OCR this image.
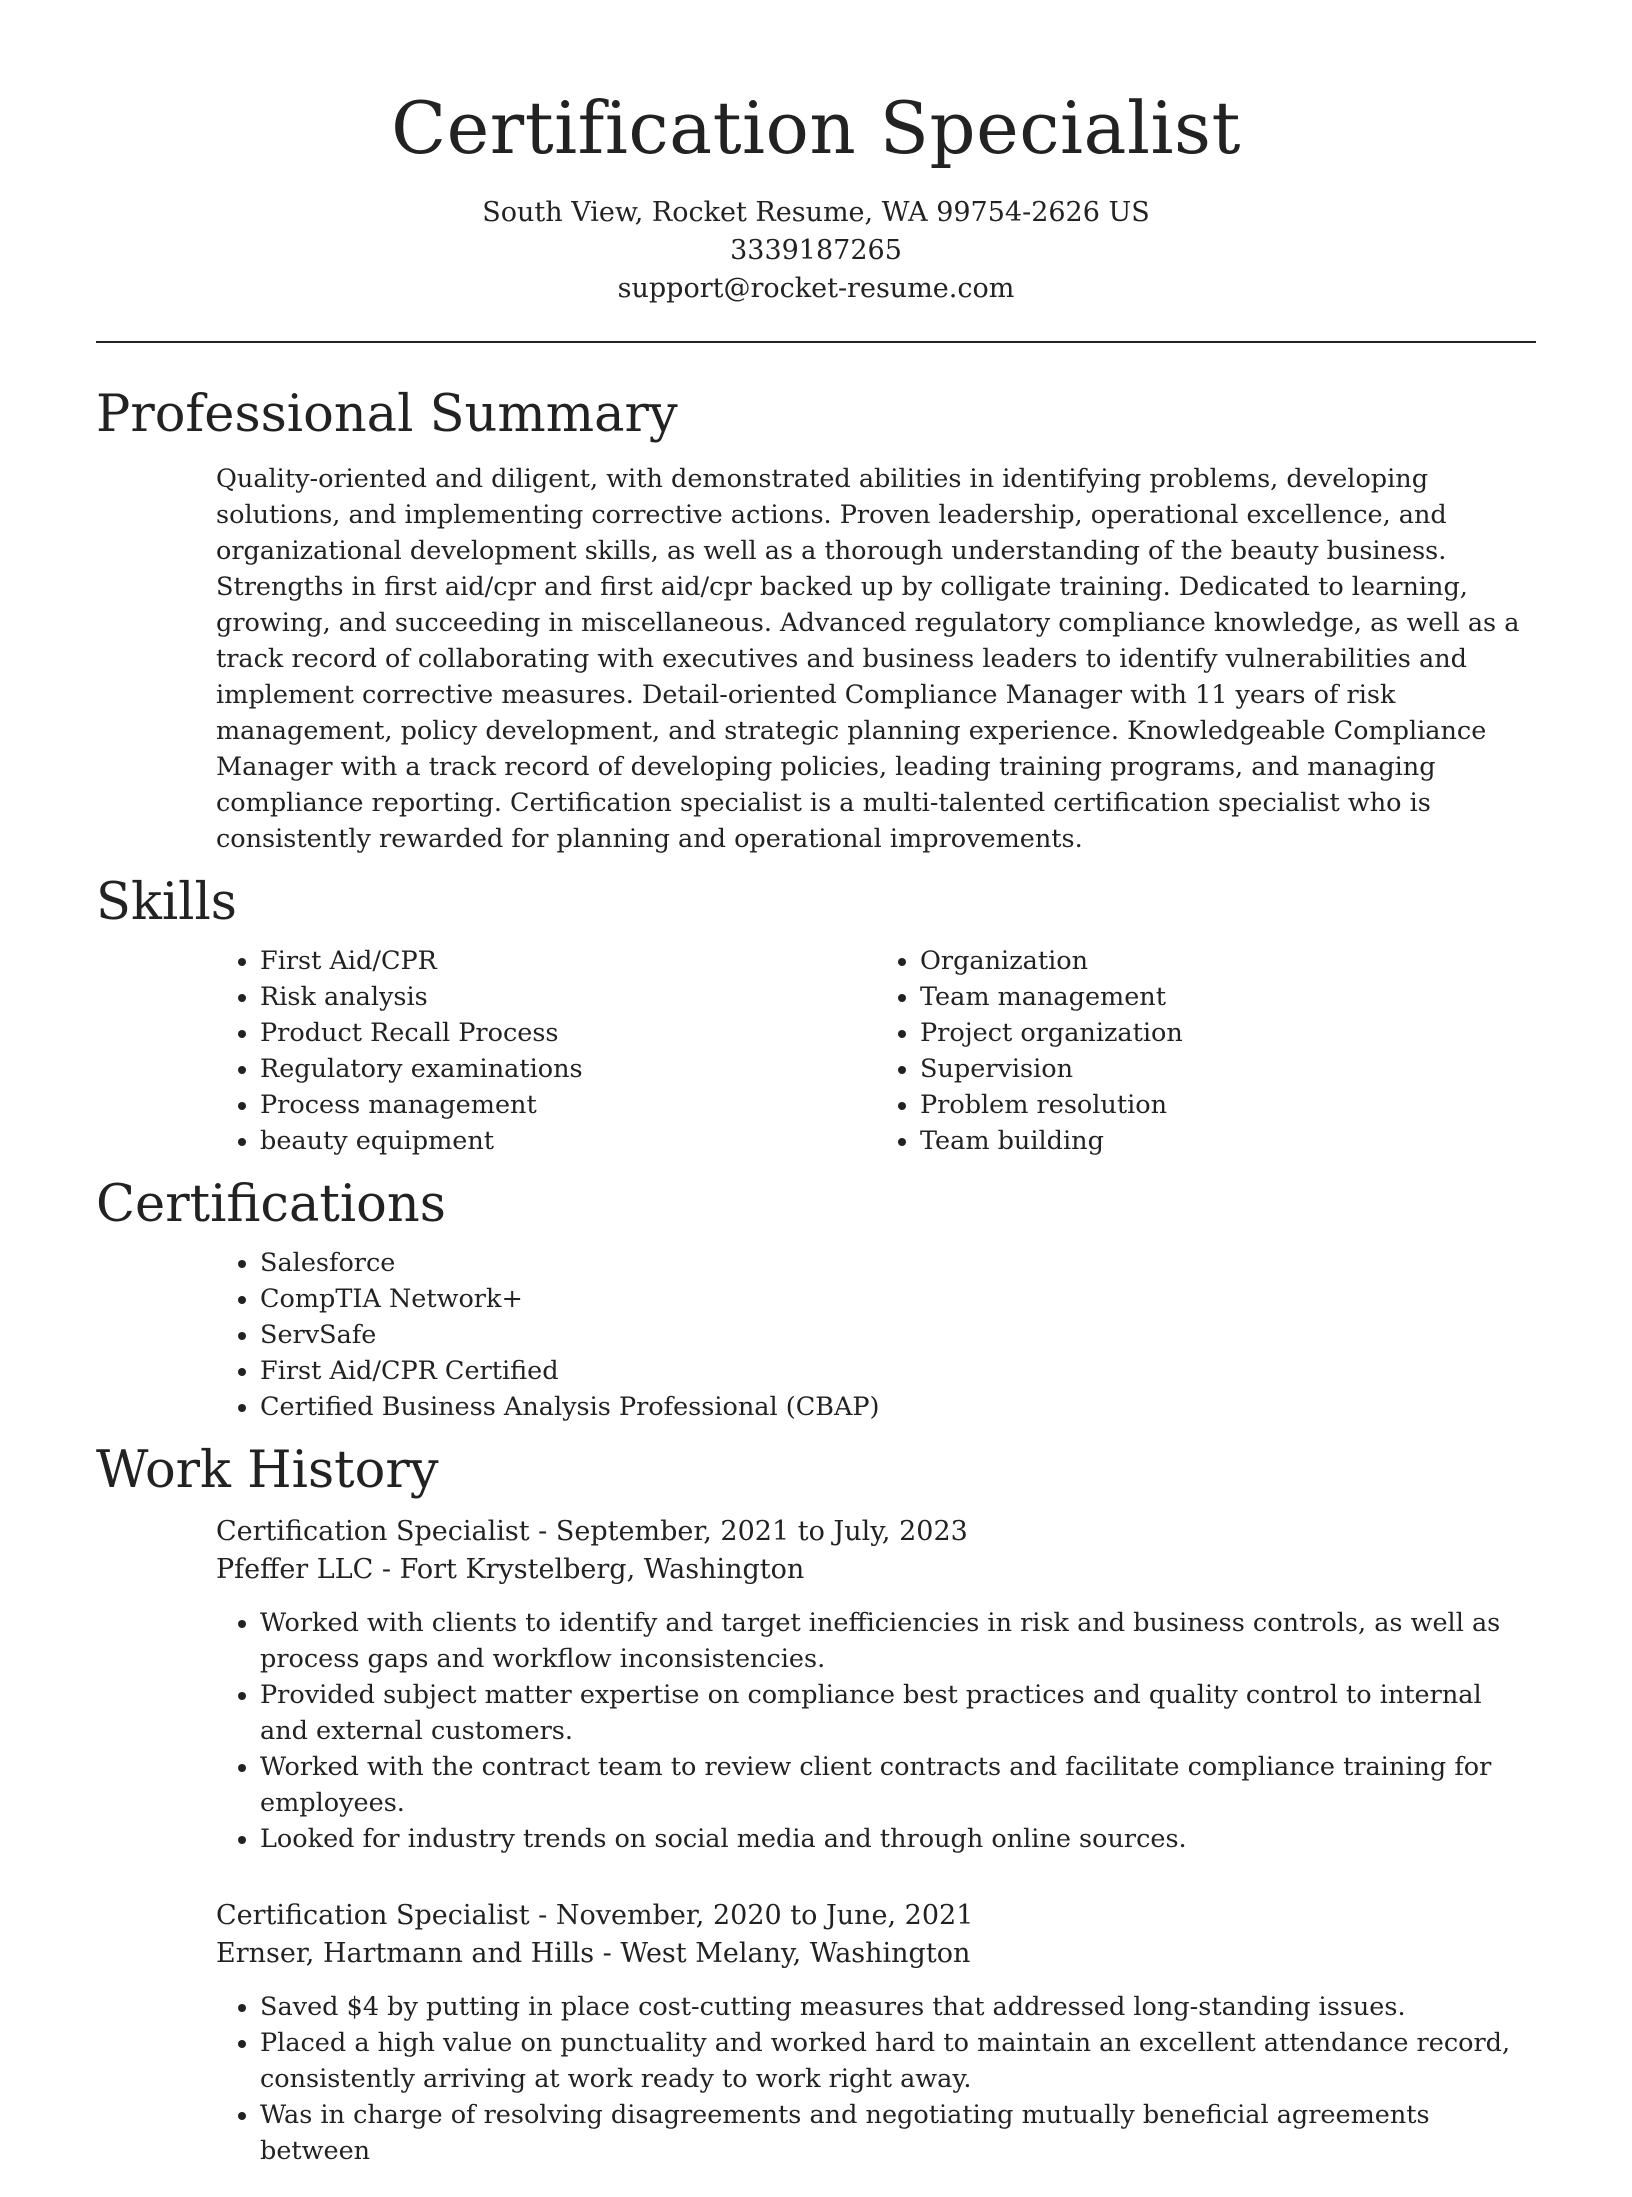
Certification Specialist
South View, Rocket Resume, WA 99754-2626 US
3339187265
support@rocket-resume.com
Professional Summary

Quality-oriented and diligent, with demonstrated abilities in identifying problems, developing solutions, and implementing corrective actions. Proven leadership, operational excellence, and organizational development skills, as well as a thorough understanding of the beauty business. Strengths in first aid/cpr and first aid/cpr backed up by colligate training. Dedicated to learning, growing, and succeeding in miscellaneous. Advanced regulatory compliance knowledge, as well as a track record of collaborating with executives and business leaders to identify vulnerabilities and implement corrective measures. Detail-oriented Compliance Manager with 11 years of risk management, policy development, and strategic planning experience. Knowledgeable Compliance Manager with a track record of developing policies, leading training programs, and managing compliance reporting. Certification specialist is a multi-talented certification specialist who is consistently rewarded for planning and operational improvements.

Skills
• First Aid/CPR
• Risk analysis
• Product Recall Process
• Regulatory examinations
• Process management
• beauty equipment
• Organization
• Team management
• Project organization
• Supervision
• Problem resolution
• Team building
Certifications
• Salesforce
• CompTIA Network+
• ServSafe
• First Aid/CPR Certified
• Certified Business Analysis Professional (CBAP)
Work History
Certification Specialist - September, 2021 to July, 2023
Pfeffer LLC - Fort Krystelberg, Washington
• Worked with clients to identify and target inefficiencies in risk and business controls, as well as process gaps and workflow inconsistencies.
• Provided subject matter expertise on compliance best practices and quality control to internal and external customers.
• Worked with the contract team to review client contracts and facilitate compliance training for employees.
• Looked for industry trends on social media and through online sources.
Certification Specialist - November, 2020 to June, 2021
Ernser, Hartmann and Hills - West Melany, Washington
• Saved $4 by putting in place cost-cutting measures that addressed long-standing issues.
• Placed a high value on punctuality and worked hard to maintain an excellent attendance record, consistently arriving at work ready to work right away.
• Was in charge of resolving disagreements and negotiating mutually beneficial agreements between
